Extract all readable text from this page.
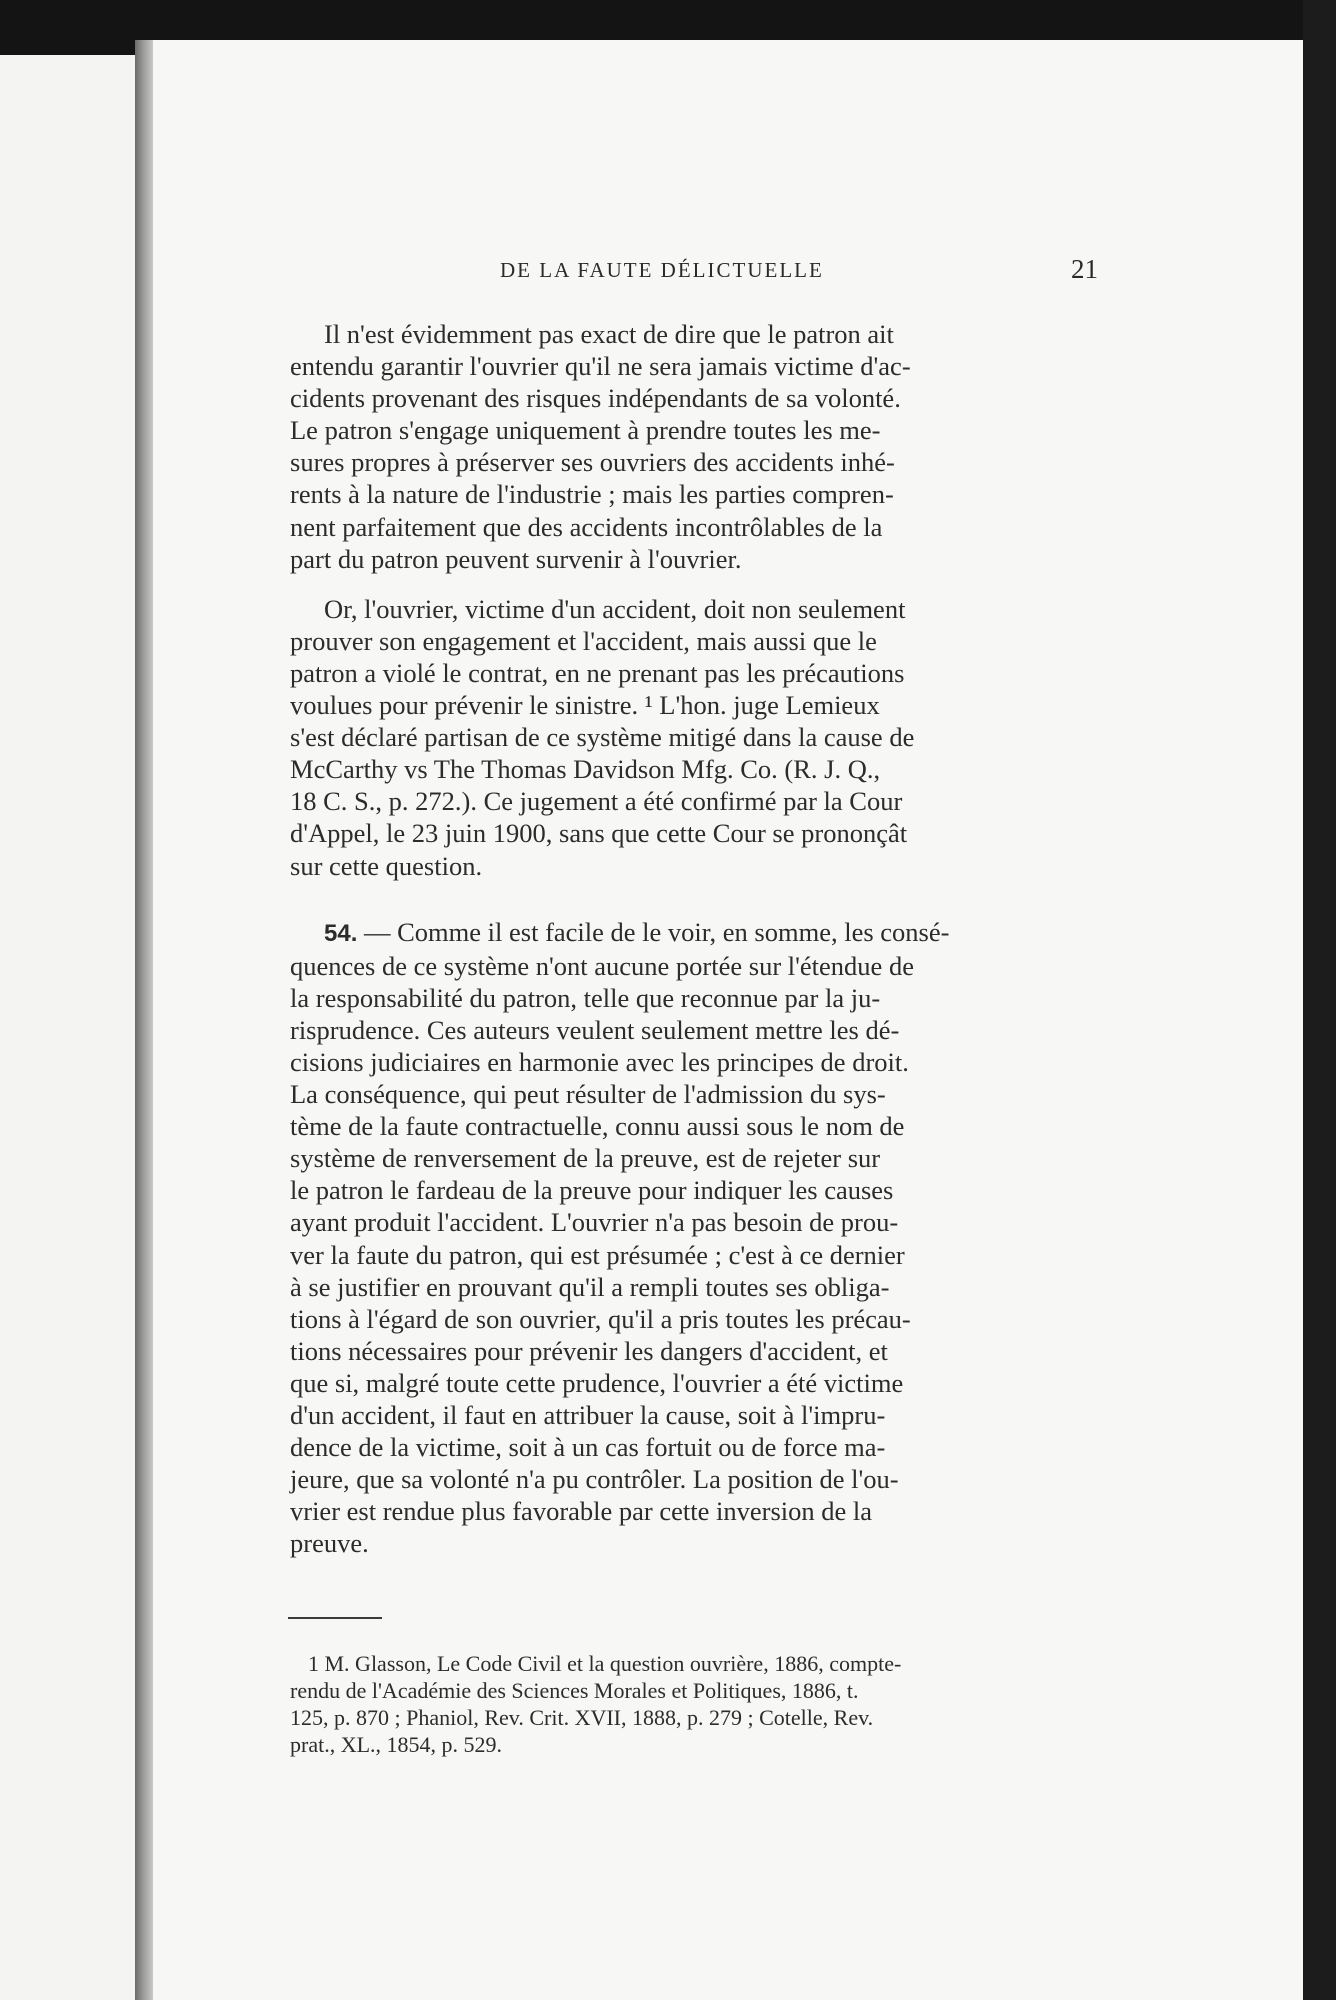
DE LA FAUTE DÉLICTUELLE	21
Il n'est évidemment pas exact de dire que le patron ait
entendu garantir l'ouvrier qu'il ne sera jamais victime d'ac-
cidents provenant des risques indépendants de sa volonté.
Le patron s'engage uniquement à prendre toutes les me-
sures propres à préserver ses ouvriers des accidents inhé-
rents à la nature de l'industrie ; mais les parties compren-
nent parfaitement que des accidents incontrôlables de la
part du patron peuvent survenir à l'ouvrier.
Or, l'ouvrier, victime d'un accident, doit non seulement
prouver son engagement et l'accident, mais aussi que le
patron a violé le contrat, en ne prenant pas les précautions
voulues pour prévenir le sinistre. ¹ L'hon. juge Lemieux
s'est déclaré partisan de ce système mitigé dans la cause de
McCarthy vs The Thomas Davidson Mfg. Co. (R. J. Q.,
18 C. S., p. 272.). Ce jugement a été confirmé par la Cour
d'Appel, le 23 juin 1900, sans que cette Cour se prononçât
sur cette question.
54. — Comme il est facile de le voir, en somme, les consé-
quences de ce système n'ont aucune portée sur l'étendue de
la responsabilité du patron, telle que reconnue par la ju-
risprudence. Ces auteurs veulent seulement mettre les dé-
cisions judiciaires en harmonie avec les principes de droit.
La conséquence, qui peut résulter de l'admission du sys-
tème de la faute contractuelle, connu aussi sous le nom de
système de renversement de la preuve, est de rejeter sur
le patron le fardeau de la preuve pour indiquer les causes
ayant produit l'accident. L'ouvrier n'a pas besoin de prou-
ver la faute du patron, qui est présumée ; c'est à ce dernier
à se justifier en prouvant qu'il a rempli toutes ses obliga-
tions à l'égard de son ouvrier, qu'il a pris toutes les précau-
tions nécessaires pour prévenir les dangers d'accident, et
que si, malgré toute cette prudence, l'ouvrier a été victime
d'un accident, il faut en attribuer la cause, soit à l'impru-
dence de la victime, soit à un cas fortuit ou de force ma-
jeure, que sa volonté n'a pu contrôler. La position de l'ou-
vrier est rendue plus favorable par cette inversion de la
preuve.
1 M. Glasson, Le Code Civil et la question ouvrière, 1886, compte-
rendu de l'Académie des Sciences Morales et Politiques, 1886, t.
125, p. 870 ; Phaniol, Rev. Crit. XVII, 1888, p. 279 ; Cotelle, Rev.
prat., XL., 1854, p. 529.
